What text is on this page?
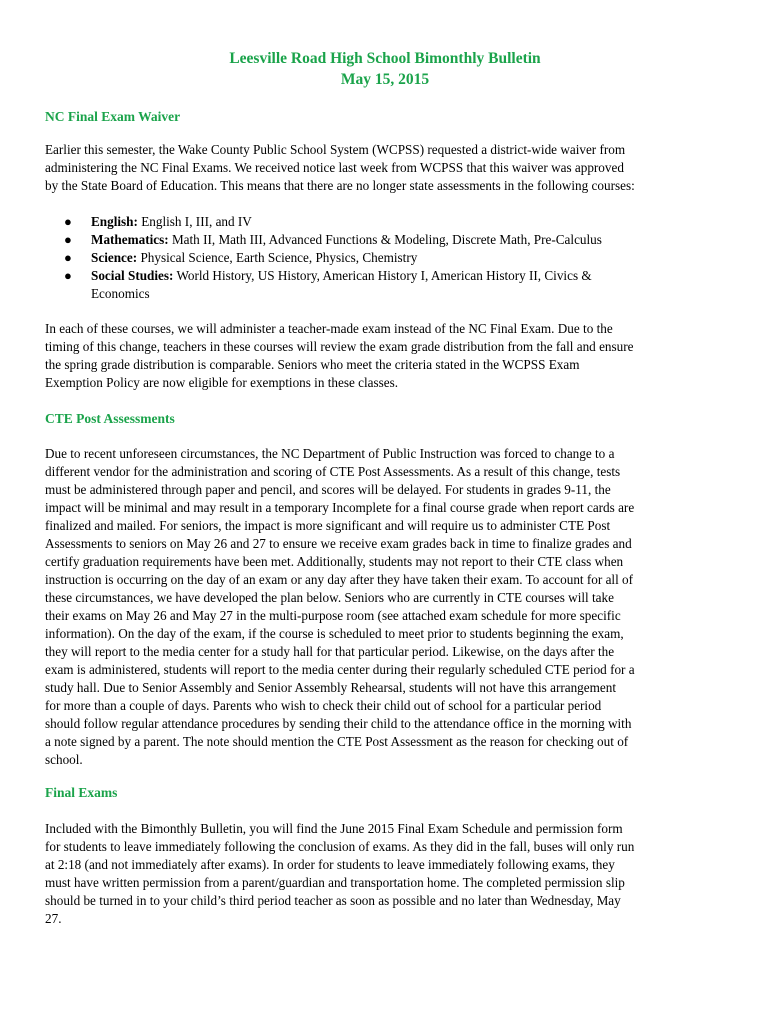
Leesville Road High School Bimonthly Bulletin
May 15, 2015
NC Final Exam Waiver
Earlier this semester, the Wake County Public School System (WCPSS) requested a district-wide waiver from
administering the NC Final Exams. We received notice last week from WCPSS that this waiver was approved
by the State Board of Education. This means that there are no longer state assessments in the following courses:
● English: English I, III, and IV
● Mathematics: Math II, Math III, Advanced Functions & Modeling, Discrete Math, Pre-Calculus
● Science: Physical Science, Earth Science, Physics, Chemistry
● Social Studies: World History, US History, American History I, American History II, Civics &
Economics
In each of these courses, we will administer a teacher-made exam instead of the NC Final Exam. Due to the
timing of this change, teachers in these courses will review the exam grade distribution from the fall and ensure
the spring grade distribution is comparable. Seniors who meet the criteria stated in the WCPSS Exam
Exemption Policy are now eligible for exemptions in these classes.
CTE Post Assessments
Due to recent unforeseen circumstances, the NC Department of Public Instruction was forced to change to a
different vendor for the administration and scoring of CTE Post Assessments. As a result of this change, tests
must be administered through paper and pencil, and scores will be delayed. For students in grades 9-11, the
impact will be minimal and may result in a temporary Incomplete for a final course grade when report cards are
finalized and mailed. For seniors, the impact is more significant and will require us to administer CTE Post
Assessments to seniors on May 26 and 27 to ensure we receive exam grades back in time to finalize grades and
certify graduation requirements have been met. Additionally, students may not report to their CTE class when
instruction is occurring on the day of an exam or any day after they have taken their exam. To account for all of
these circumstances, we have developed the plan below. Seniors who are currently in CTE courses will take
their exams on May 26 and May 27 in the multi-purpose room (see attached exam schedule for more specific
information). On the day of the exam, if the course is scheduled to meet prior to students beginning the exam,
they will report to the media center for a study hall for that particular period. Likewise, on the days after the
exam is administered, students will report to the media center during their regularly scheduled CTE period for a
study hall. Due to Senior Assembly and Senior Assembly Rehearsal, students will not have this arrangement
for more than a couple of days. Parents who wish to check their child out of school for a particular period
should follow regular attendance procedures by sending their child to the attendance office in the morning with
a note signed by a parent. The note should mention the CTE Post Assessment as the reason for checking out of
school.
Final Exams
Included with the Bimonthly Bulletin, you will find the June 2015 Final Exam Schedule and permission form
for students to leave immediately following the conclusion of exams. As they did in the fall, buses will only run
at 2:18 (and not immediately after exams). In order for students to leave immediately following exams, they
must have written permission from a parent/guardian and transportation home. The completed permission slip
should be turned in to your child’s third period teacher as soon as possible and no later than Wednesday, May
27.
